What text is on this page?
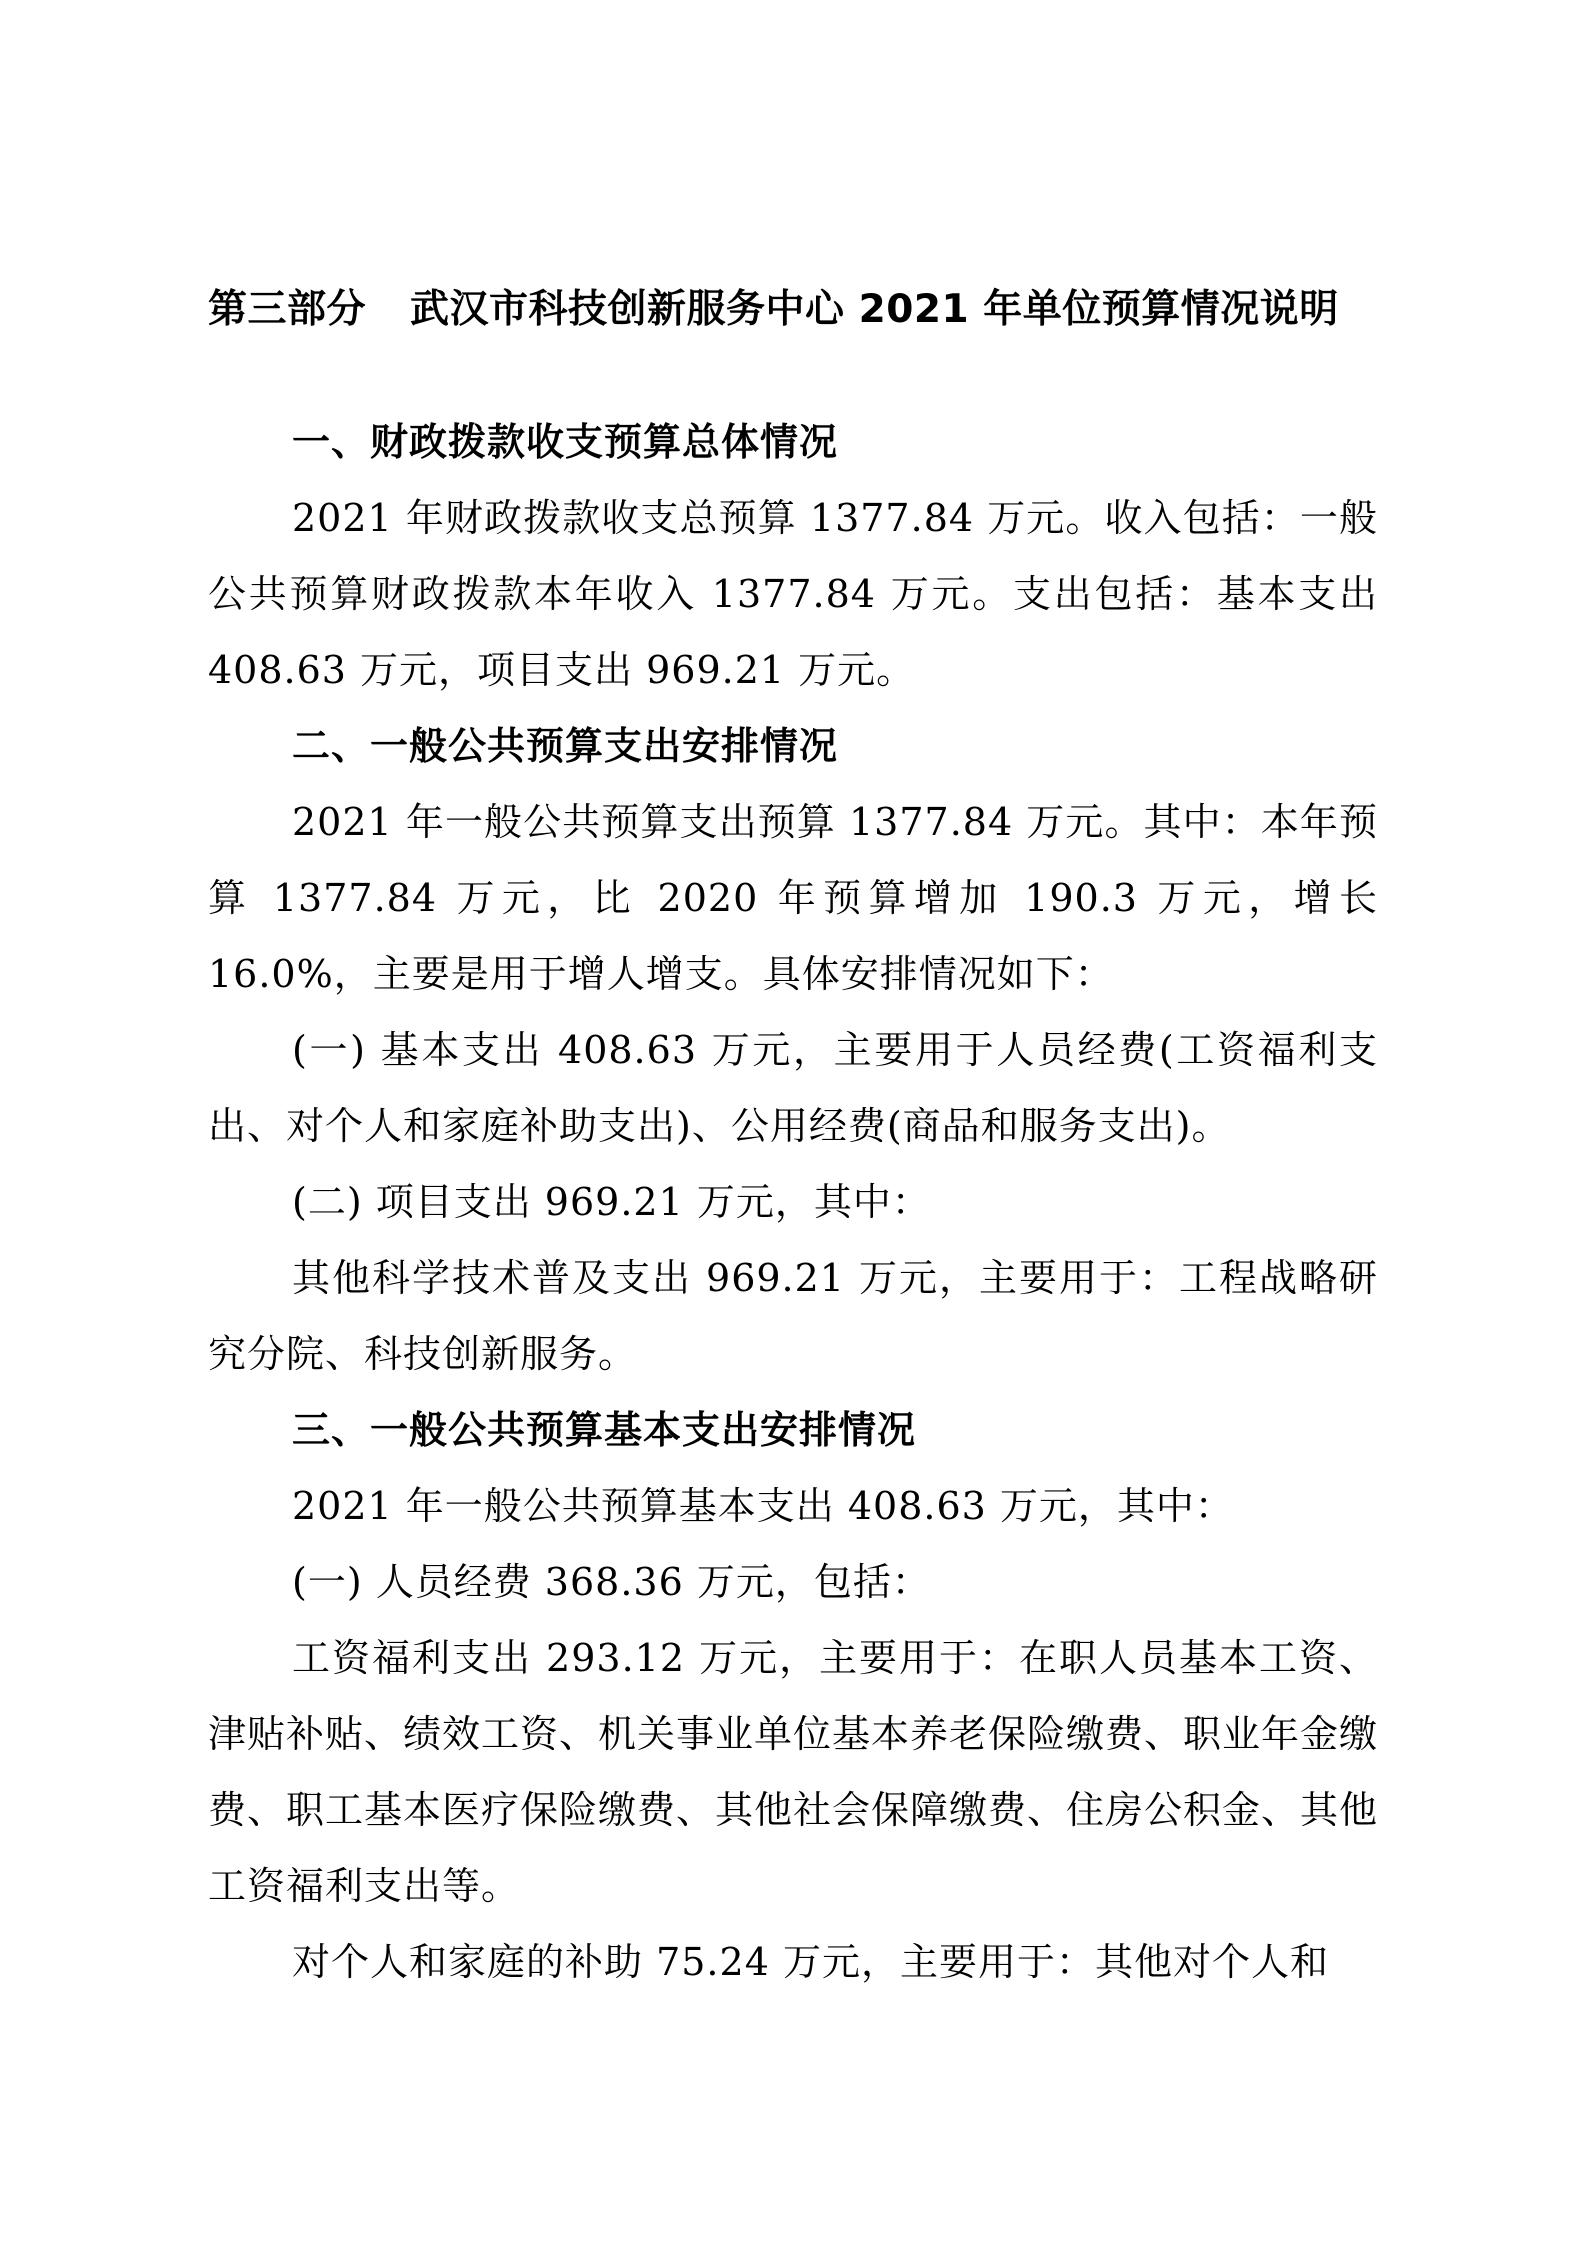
第三部分 武汉市科技创新服务中心 2021 年单位预算情况说明
一、财政拨款收支预算总体情况

2021 年财政拨款收支总预算 1377.84 万元。收入包括：一般公共预算财政拨款本年收入 1377.84 万元。支出包括：基本支出 408.63 万元，项目支出 969.21 万元。

二、一般公共预算支出安排情况

2021 年一般公共预算支出预算 1377.84 万元。其中：本年预算 1377.84 万元，比 2020 年预算增加 190.3 万元，增长 16.0%，主要是用于增人增支。具体安排情况如下：

(一) 基本支出 408.63 万元，主要用于人员经费(工资福利支出、对个人和家庭补助支出)、公用经费(商品和服务支出)。

(二) 项目支出 969.21 万元，其中：

其他科学技术普及支出 969.21 万元，主要用于：工程战略研究分院、科技创新服务。

三、一般公共预算基本支出安排情况

2021 年一般公共预算基本支出 408.63 万元，其中：

(一) 人员经费 368.36 万元，包括：

工资福利支出 293.12 万元，主要用于：在职人员基本工资、津贴补贴、绩效工资、机关事业单位基本养老保险缴费、职业年金缴费、职工基本医疗保险缴费、其他社会保障缴费、住房公积金、其他工资福利支出等。

对个人和家庭的补助 75.24 万元，主要用于：其他对个人和
